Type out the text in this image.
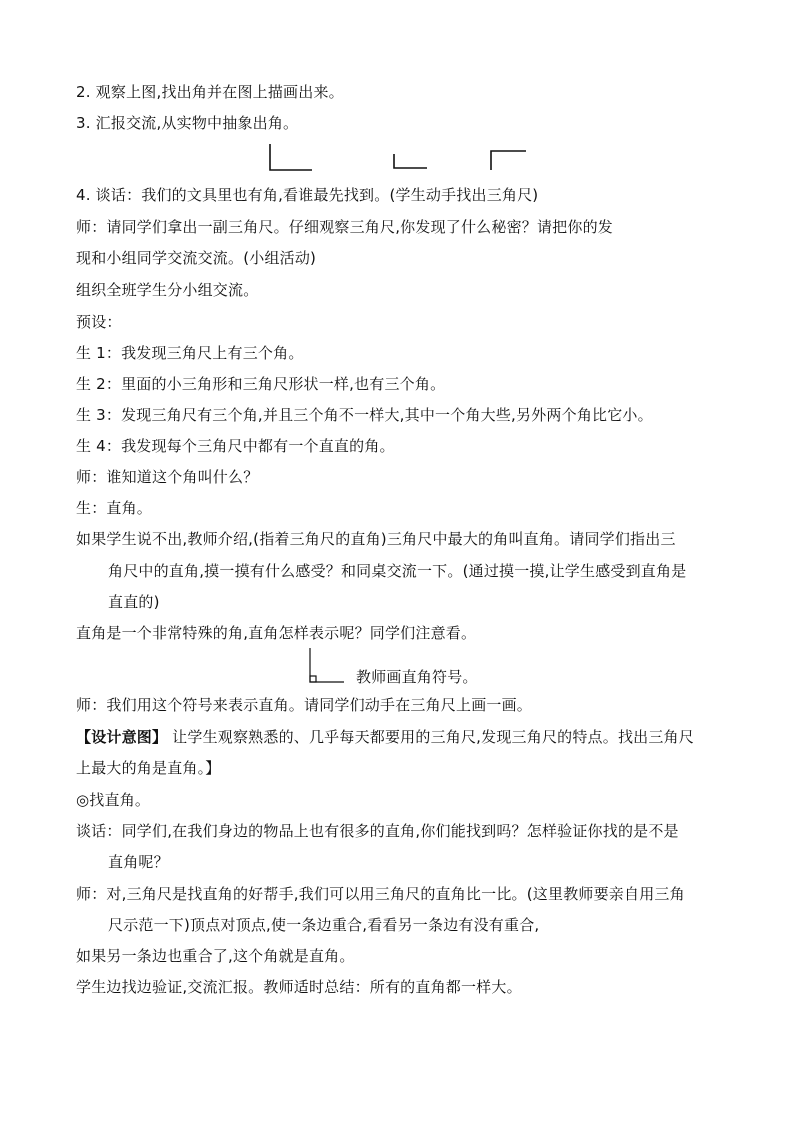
2. 观察上图,找出角并在图上描画出来。
3. 汇报交流,从实物中抽象出角。
4. 谈话：我们的文具里也有角,看谁最先找到。(学生动手找出三角尺)
师：请同学们拿出一副三角尺。仔细观察三角尺,你发现了什么秘密？请把你的发
现和小组同学交流交流。(小组活动)
组织全班学生分小组交流。
预设：
生 1：我发现三角尺上有三个角。
生 2：里面的小三角形和三角尺形状一样,也有三个角。
生 3：发现三角尺有三个角,并且三个角不一样大,其中一个角大些,另外两个角比它小。
生 4：我发现每个三角尺中都有一个直直的角。
师：谁知道这个角叫什么？
生：直角。
如果学生说不出,教师介绍,(指着三角尺的直角)三角尺中最大的角叫直角。请同学们指出三
角尺中的直角,摸一摸有什么感受？和同桌交流一下。(通过摸一摸,让学生感受到直角是
直直的)
直角是一个非常特殊的角,直角怎样表示呢？同学们注意看。
教师画直角符号。
师：我们用这个符号来表示直角。请同学们动手在三角尺上画一画。
【设计意图】 让学生观察熟悉的、几乎每天都要用的三角尺,发现三角尺的特点。找出三角尺
上最大的角是直角。】
◎找直角。
谈话：同学们,在我们身边的物品上也有很多的直角,你们能找到吗？怎样验证你找的是不是
直角呢？
师：对,三角尺是找直角的好帮手,我们可以用三角尺的直角比一比。(这里教师要亲自用三角
尺示范一下)顶点对顶点,使一条边重合,看看另一条边有没有重合,
如果另一条边也重合了,这个角就是直角。
学生边找边验证,交流汇报。教师适时总结：所有的直角都一样大。
